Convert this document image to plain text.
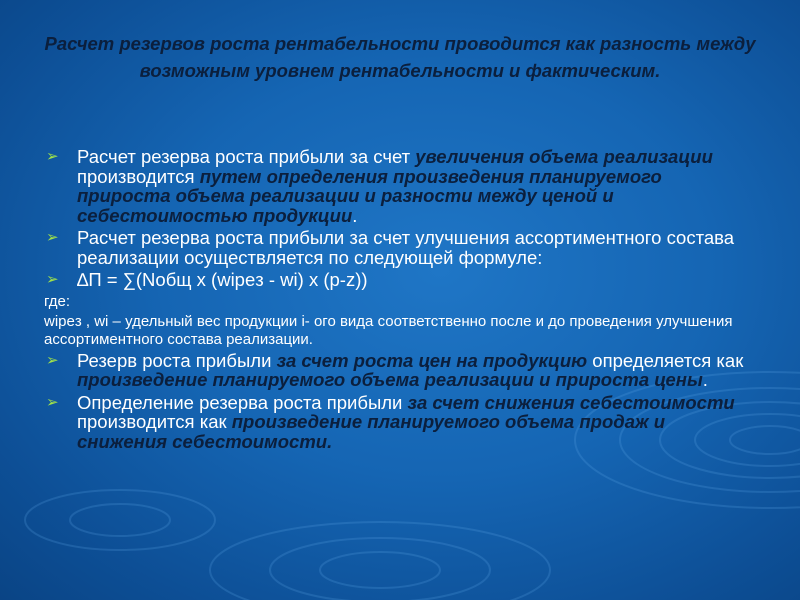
Расчет резервов роста рентабельности проводится как разность между возможным уровнем рентабельности и фактическим.
➢ Расчет резерва роста прибыли за счет увеличения объема реализации производится путем определения произведения планируемого прироста объема реализации и разности между ценой и себестоимостью продукции.
➢ Расчет резерва роста прибыли за счет улучшения ассортиментного состава реализации осуществляется по следующей формуле:
➢ ∆П = ∑(Nобщ x (wipeз - wi) x (p-z))
где:
wipeз , wi – удельный вес продукции i- ого вида соответственно после и до проведения улучшения ассортиментного состава реализации.
➢ Резерв роста прибыли за счет роста цен на продукцию определяется как произведение планируемого объема реализации и прироста цены.
➢ Определение резерва роста прибыли за счет снижения себестоимости производится как произведение планируемого объема продаж и снижения себестоимости.
